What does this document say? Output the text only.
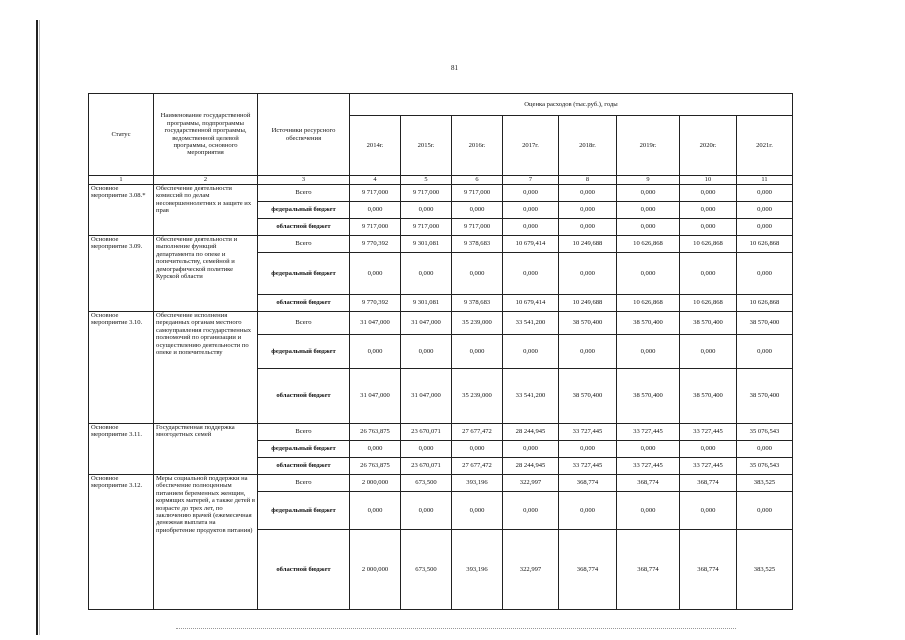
81
Статус	Наименование государственной программы, подпрограммы государственной программы, ведомственной целевой программы, основного мероприятия	Источники ресурсного обеспечения	Оценка расходов (тыс.руб.), годы							
			2014г.	2015г.	2016г.	2017г.	2018г.	2019г.	2020г.	2021г.
1	2	3	4	5	6	7	8	9	10	11
Основное мероприятие 3.08.*	Обеспечение деятельности комиссий по делам несовершеннолетних и защите их прав	Всего	9 717,000	9 717,000	9 717,000	0,000	0,000	0,000	0,000	0,000
		федеральный бюджет	0,000	0,000	0,000	0,000	0,000	0,000	0,000	0,000
		областной бюджет	9 717,000	9 717,000	9 717,000	0,000	0,000	0,000	0,000	0,000
Основное мероприятие 3.09.	Обеспечение деятельности и выполнение функций департамента по опеке и попечительству, семейной и демографической политике Курской области	Всего	9 770,392	9 301,081	9 378,683	10 679,414	10 249,688	10 626,868	10 626,868	10 626,868
		федеральный бюджет	0,000	0,000	0,000	0,000	0,000	0,000	0,000	0,000
		областной бюджет	9 770,392	9 301,081	9 378,683	10 679,414	10 249,688	10 626,868	10 626,868	10 626,868
Основное мероприятие 3.10.	Обеспечение исполнения переданных органам местного самоуправления государственных полномочий по организации и осуществлению деятельности по опеке и попечительству	Всего	31 047,000	31 047,000	35 239,000	33 541,200	38 570,400	38 570,400	38 570,400	38 570,400
		федеральный бюджет	0,000	0,000	0,000	0,000	0,000	0,000	0,000	0,000
		областной бюджет	31 047,000	31 047,000	35 239,000	33 541,200	38 570,400	38 570,400	38 570,400	38 570,400
Основное мероприятие 3.11.	Государственная поддержка многодетных семей	Всего	26 763,875	23 670,071	27 677,472	28 244,945	33 727,445	33 727,445	33 727,445	35 076,543
		федеральный бюджет	0,000	0,000	0,000	0,000	0,000	0,000	0,000	0,000
		областной бюджет	26 763,875	23 670,071	27 677,472	28 244,945	33 727,445	33 727,445	33 727,445	35 076,543
Основное мероприятие 3.12.	Меры социальной поддержки на обеспечение полноценным питанием беременных женщин, кормящих матерей, а также детей в возрасте до трех лет, по заключению врачей (ежемесячная денежная выплата на приобретение продуктов питания)	Всего	2 000,000	673,500	393,196	322,997	368,774	368,774	368,774	383,525
		федеральный бюджет	0,000	0,000	0,000	0,000	0,000	0,000	0,000	0,000
		областной бюджет	2 000,000	673,500	393,196	322,997	368,774	368,774	368,774	383,525
